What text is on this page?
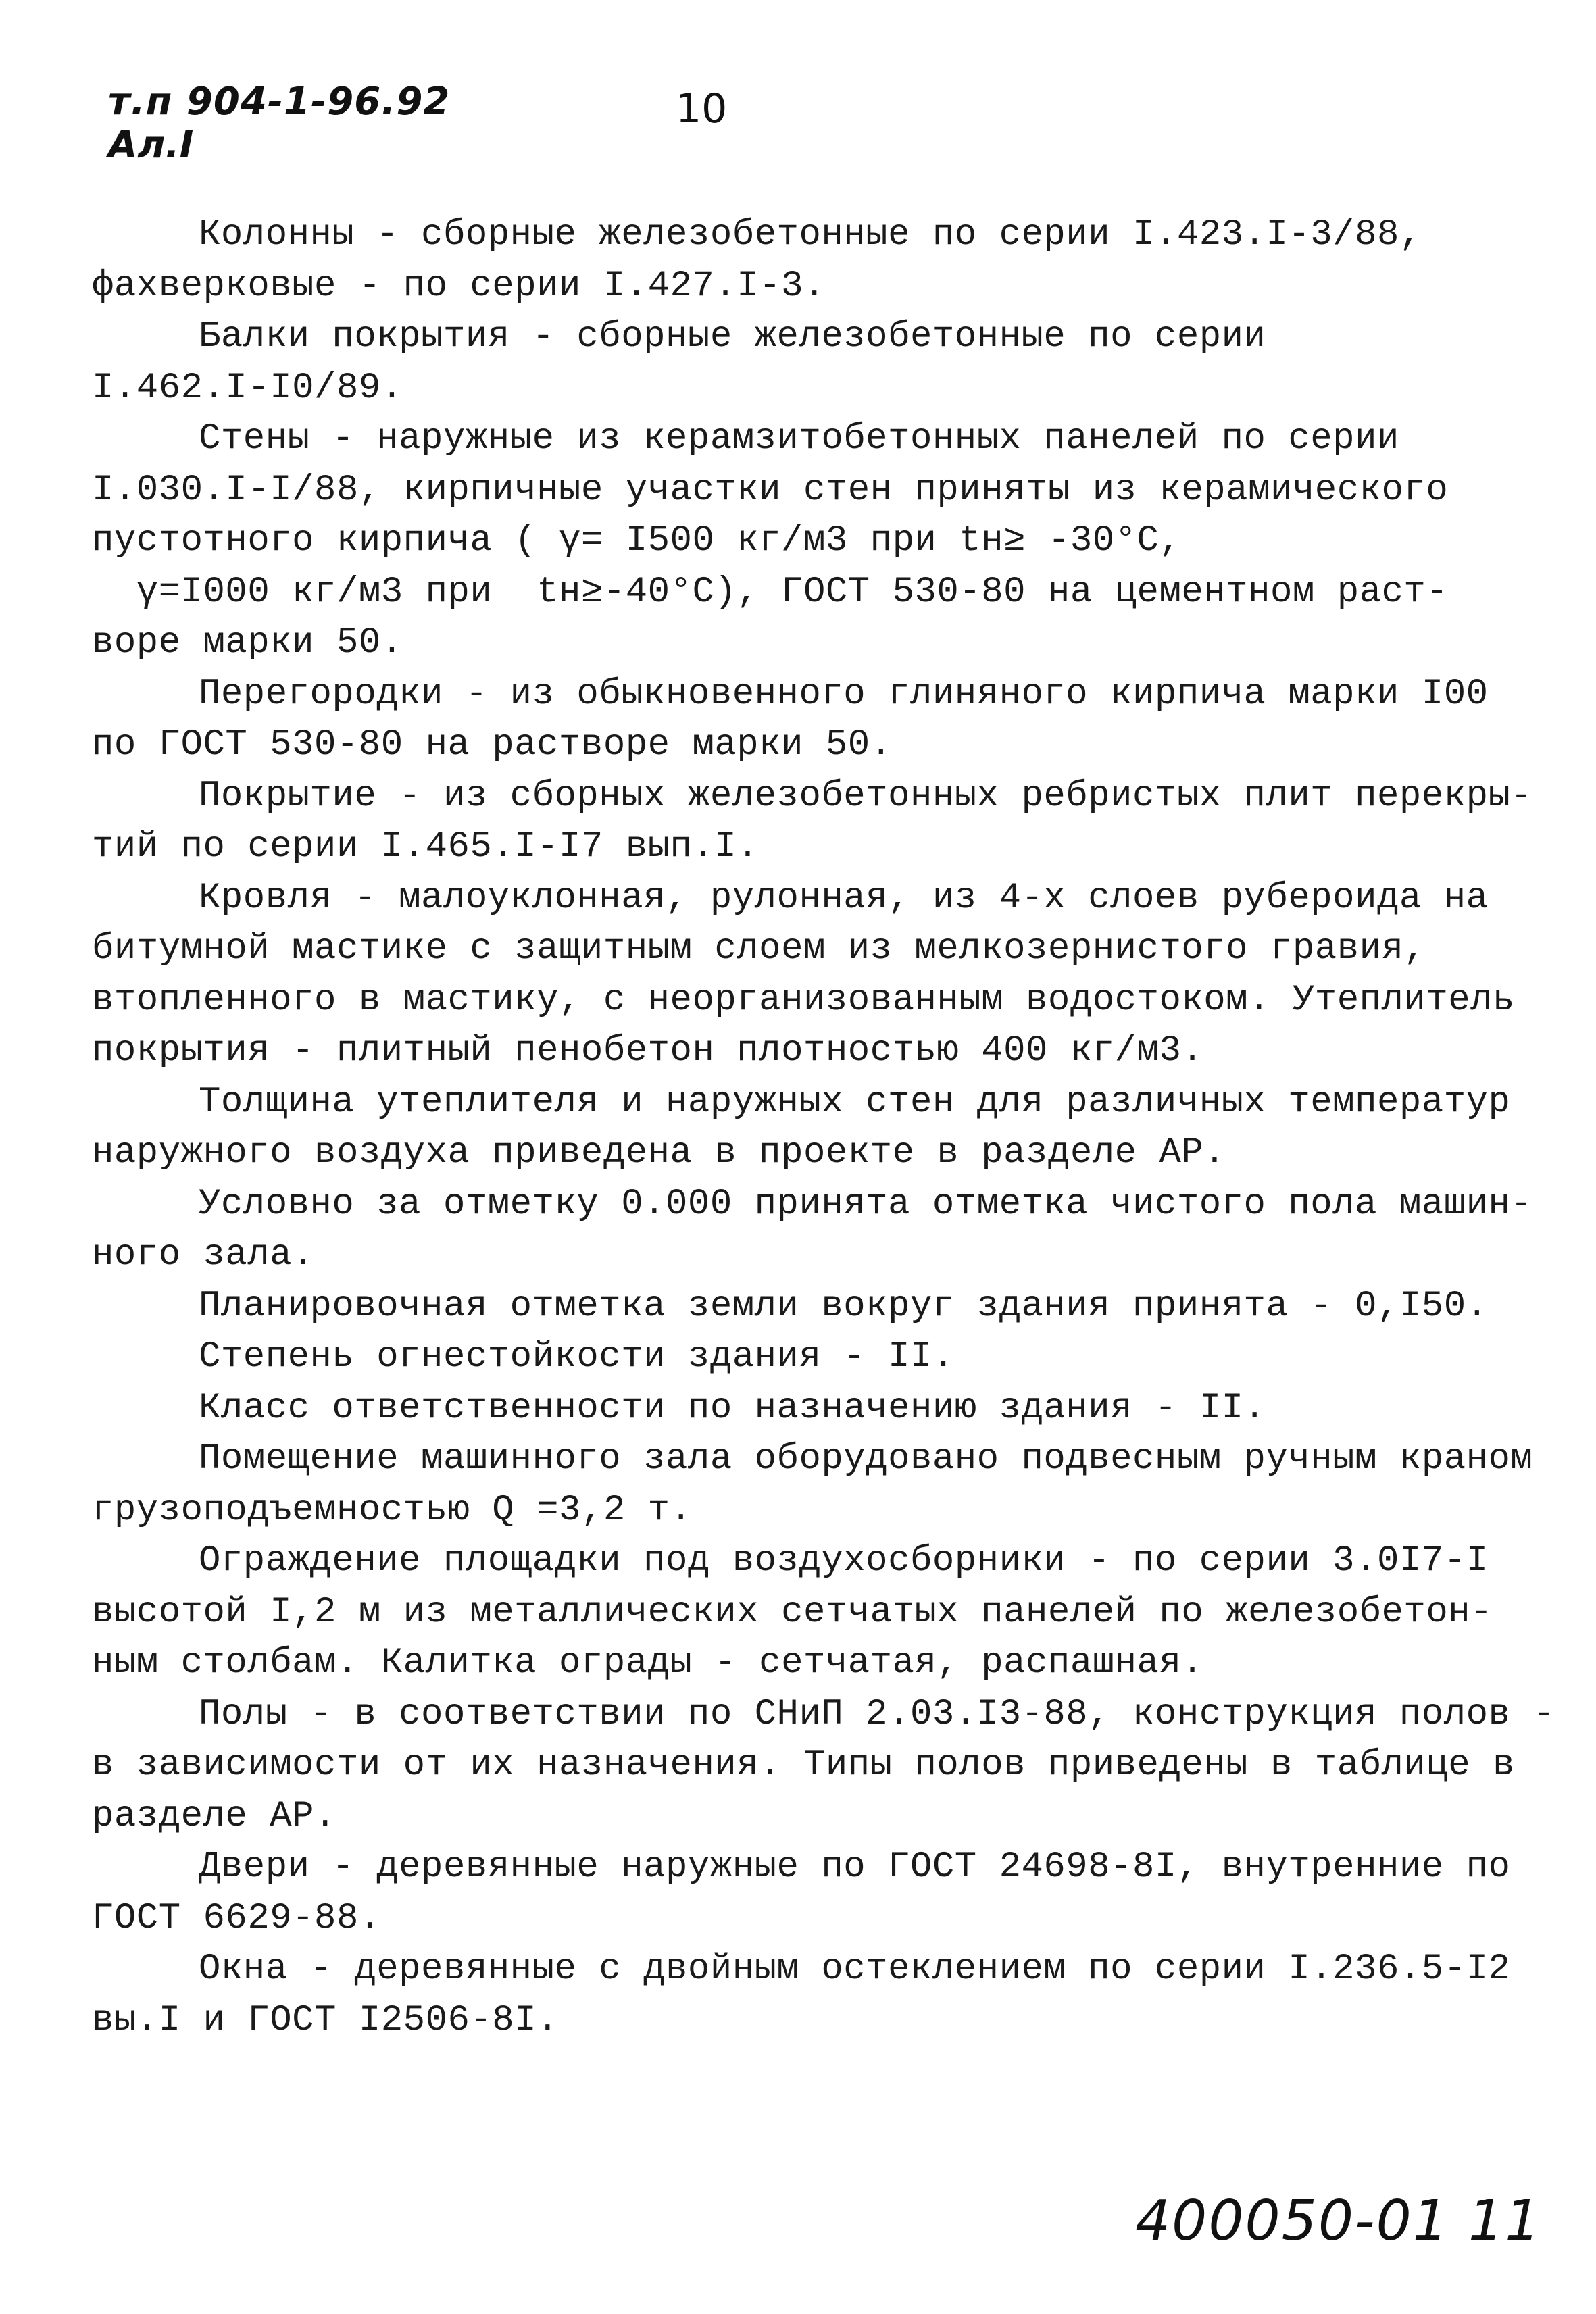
т.п 904-1-96.92
Ал.I
10
Колонны - сборные железобетонные по серии I.423.I-3/88,
фахверковые - по серии I.427.I-3.
Балки покрытия - сборные железобетонные по серии
I.462.I-I0/89.
Стены - наружные из керамзитобетонных панелей по серии
I.030.I-I/88, кирпичные участки стен приняты из керамического
пустотного кирпича ( γ= I500 кг/м3 при tн≥ -30°С,
γ=I000 кг/м3 при  tн≥-40°С), ГОСТ 530-80 на цементном раст-
воре марки 50.
Перегородки - из обыкновенного глиняного кирпича марки I00
по ГОСТ 530-80 на растворе марки 50.
Покрытие - из сборных железобетонных ребристых плит перекры-
тий по серии I.465.I-I7 вып.I.
Кровля - малоуклонная, рулонная, из 4-х слоев рубероида на
битумной мастике с защитным слоем из мелкозернистого гравия,
втопленного в мастику, с неорганизованным водостоком. Утеплитель
покрытия - плитный пенобетон плотностью 400 кг/м3.
Толщина утеплителя и наружных стен для различных температур
наружного воздуха приведена в проекте в разделе АР.
Условно за отметку 0.000 принята отметка чистого пола машин-
ного зала.
Планировочная отметка земли вокруг здания принята - 0,I50.
Степень огнестойкости здания - II.
Класс ответственности по назначению здания - II.
Помещение машинного зала оборудовано подвесным ручным краном
грузоподъемностью Q =3,2 т.
Ограждение площадки под воздухосборники - по серии 3.0I7-I
высотой I,2 м из металлических сетчатых панелей по железобетон-
ным столбам. Калитка ограды - сетчатая, распашная.
Полы - в соответствии по СНиП 2.03.I3-88, конструкция полов -
в зависимости от их назначения. Типы полов приведены в таблице в
разделе АР.
Двери - деревянные наружные по ГОСТ 24698-8I, внутренние по
ГОСТ 6629-88.
Окна - деревянные с двойным остеклением по серии I.236.5-I2
вы.I и ГОСТ I2506-8I.
400050-01 11
